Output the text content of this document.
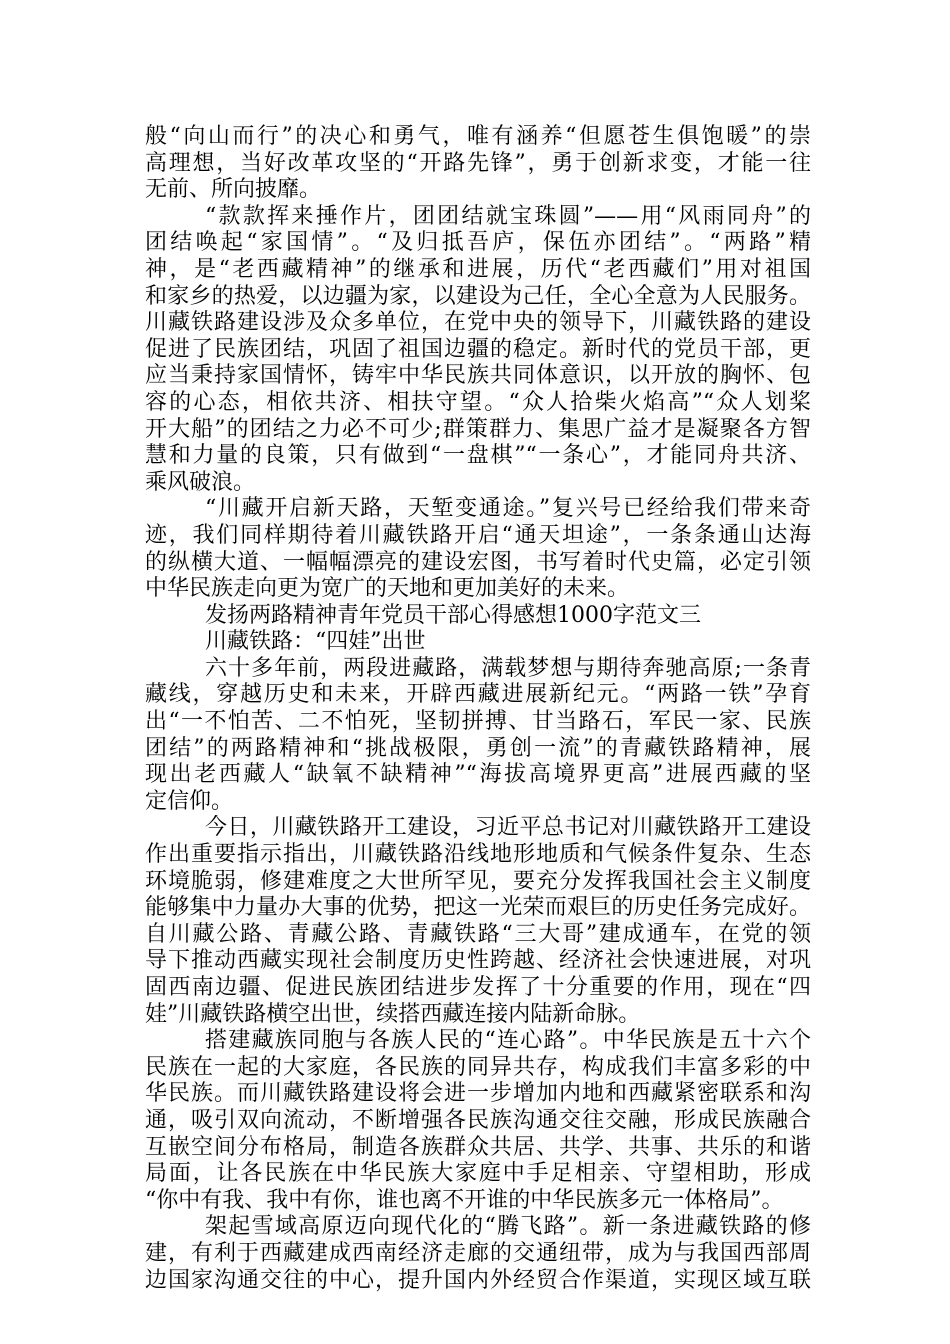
般“向山而行”的决心和勇气，唯有涵养“但愿苍生俱饱暖”的崇
高理想，当好改革攻坚的“开路先锋”，勇于创新求变，才能一往
无前、所向披靡。
“款款挥来捶作片，团团结就宝珠圆”——用“风雨同舟”的
团结唤起“家国情”。“及归抵吾庐，保伍亦团结”。“两路”精
神，是“老西藏精神”的继承和进展，历代“老西藏们”用对祖国
和家乡的热爱，以边疆为家，以建设为己任，全心全意为人民服务。
川藏铁路建设涉及众多单位，在党中央的领导下，川藏铁路的建设
促进了民族团结，巩固了祖国边疆的稳定。新时代的党员干部，更
应当秉持家国情怀，铸牢中华民族共同体意识，以开放的胸怀、包
容的心态，相依共济、相扶守望。“众人拾柴火焰高”“众人划桨
开大船”的团结之力必不可少;群策群力、集思广益才是凝聚各方智
慧和力量的良策，只有做到“一盘棋”“一条心”，才能同舟共济、
乘风破浪。
“川藏开启新天路，天堑变通途。”复兴号已经给我们带来奇
迹，我们同样期待着川藏铁路开启“通天坦途”，一条条通山达海
的纵横大道、一幅幅漂亮的建设宏图，书写着时代史篇，必定引领
中华民族走向更为宽广的天地和更加美好的未来。
发扬两路精神青年党员干部心得感想1000字范文三
川藏铁路：“四娃”出世
六十多年前，两段进藏路，满载梦想与期待奔驰高原;一条青
藏线，穿越历史和未来，开辟西藏进展新纪元。“两路一铁”孕育
出“一不怕苦、二不怕死，坚韧拼搏、甘当路石，军民一家、民族
团结”的两路精神和“挑战极限，勇创一流”的青藏铁路精神，展
现出老西藏人“缺氧不缺精神”“海拔高境界更高”进展西藏的坚
定信仰。
今日，川藏铁路开工建设，习近平总书记对川藏铁路开工建设
作出重要指示指出，川藏铁路沿线地形地质和气候条件复杂、生态
环境脆弱，修建难度之大世所罕见，要充分发挥我国社会主义制度
能够集中力量办大事的优势，把这一光荣而艰巨的历史任务完成好。
自川藏公路、青藏公路、青藏铁路“三大哥”建成通车，在党的领
导下推动西藏实现社会制度历史性跨越、经济社会快速进展，对巩
固西南边疆、促进民族团结进步发挥了十分重要的作用，现在“四
娃”川藏铁路横空出世，续搭西藏连接内陆新命脉。
搭建藏族同胞与各族人民的“连心路”。中华民族是五十六个
民族在一起的大家庭，各民族的同异共存，构成我们丰富多彩的中
华民族。而川藏铁路建设将会进一步增加内地和西藏紧密联系和沟
通，吸引双向流动，不断增强各民族沟通交往交融，形成民族融合
互嵌空间分布格局，制造各族群众共居、共学、共事、共乐的和谐
局面，让各民族在中华民族大家庭中手足相亲、守望相助，形成
“你中有我、我中有你，谁也离不开谁的中华民族多元一体格局”。
架起雪域高原迈向现代化的“腾飞路”。新一条进藏铁路的修
建，有利于西藏建成西南经济走廊的交通纽带，成为与我国西部周
边国家沟通交往的中心，提升国内外经贸合作渠道，实现区域互联
